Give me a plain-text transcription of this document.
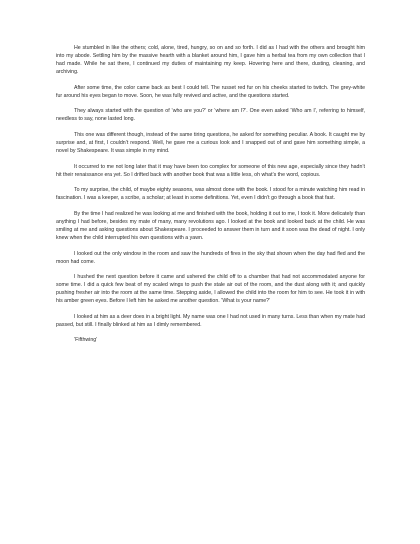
He stumbled in like the others; cold, alone, tired, hungry, so on and so forth. I did as I had with the others and brought him into my abode. Settling him by the massive hearth with a blanket around him, I gave him a herbal tea from my own collection that I had made. While he sat there, I continued my duties of maintaining my keep. Hovering here and there, dusting, cleaning, and archiving.

After some time, the color came back as best I could tell. The russet red fur on his cheeks started to twitch. The grey-white fur around his eyes began to move. Soon, he was fully revived and active, and the questions started.

They always started with the question of ‘who are you?’ or ‘where am I?’. One even asked ‘Who am I’, referring to himself, needless to say, none lasted long.

This one was different though, instead of the same tiring questions, he asked for something peculiar. A book. It caught me by surprise and, at first, I couldn’t respond. Well, he gave me a curious look and I snapped out of and gave him something simple, a novel by Shakespeare. It was simple in my mind.

It occurred to me not long later that it may have been too complex for someone of this new age, especially since they hadn’t hit their renaissance era yet. So I drifted back with another book that was a little less, oh what’s the word, copious.

To my surprise, the child, of maybe eighty seasons, was almost done with the book. I stood for a minute watching him read in fascination. I was a keeper, a scribe, a scholar; at least in some definitions. Yet, even I didn’t go through a book that fast.

By the time I had realized he was looking at me and finished with the book, holding it out to me, I took it. More delicately than anything I had before, besides my mate of many, many revolutions ago. I looked at the book and looked back at the child. He was smiling at me and asking questions about Shakespeare. I proceeded to answer them in turn and it soon was the dead of night. I only knew when the child interrupted his own questions with a yawn.

I looked out the only window in the room and saw the hundreds of fires in the sky that shown when the day had fled and the moon had come.

I hushed the next question before it came and ushered the child off to a chamber that had not accommodated anyone for some time. I did a quick few beat of my scaled wings to push the stale air out of the room, and the dust along with it; and quickly pushing fresher air into the room at the same time. Stepping aside, I allowed the child into the room for him to see. He took it in with his amber green eyes. Before I left him he asked me another question. ‘What is your name?’

I looked at him as a deer does in a bright light. My name was one I had not used in many turns. Less than when my mate had passed, but still. I finally blinked at him as I dimly remembered.

‘Fifthwing’
